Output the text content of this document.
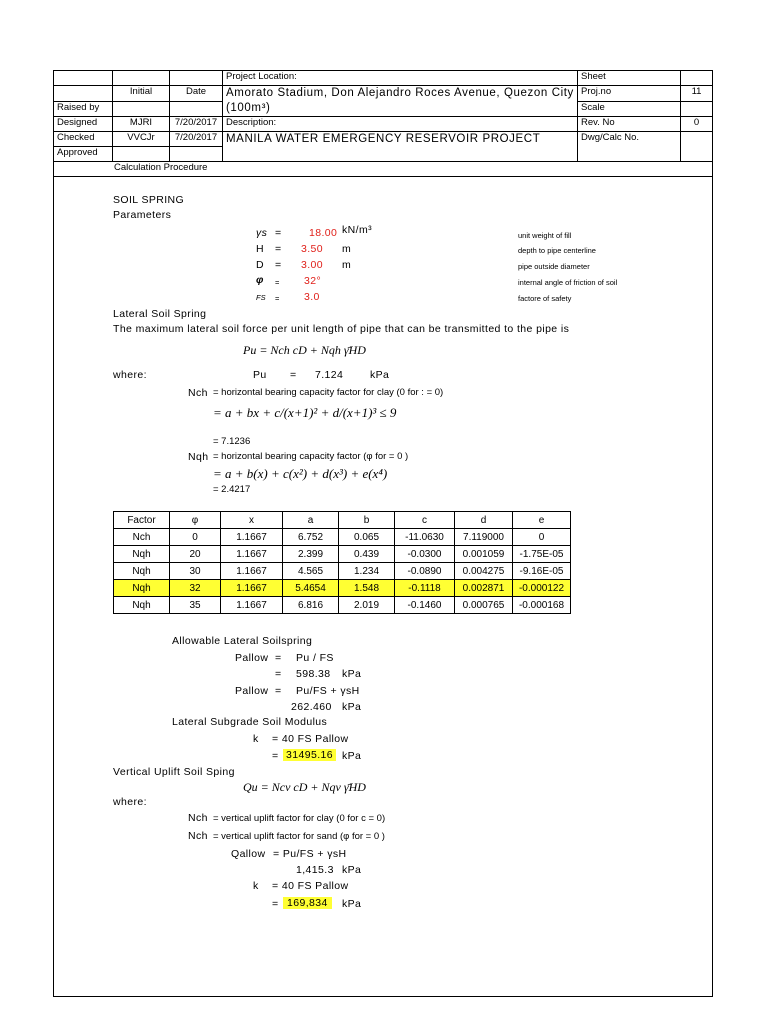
			Project Location:	Sheet	
	Initial	Date	Amorato Stadium, Don Alejandro Roces Avenue, Quezon City
(100m³)	Proj.no	11
Raised by				Scale	
Designed	MJRI	7/20/2017	Description:	Rev. No	0
Checked	VVCJr	7/20/2017	MANILA WATER EMERGENCY RESERVOIR PROJECT	Dwg/Calc No.	
Approved					
Calculation Procedure					
SOIL SPRING
Parameters
γs =	18.00 kN/m³	unit weight of fill
H = 3.50 m	depth to pipe centerline
D = 3.00 m	pipe outside diameter
φ = 32°	internal angle of friction of soil
FS = 3.0	factore of safety
Lateral Soil Spring
The maximum lateral soil force per unit length of pipe that can be transmitted to the pipe is
Pu = Nch cD + Nqh γ̄HD
where:	Pu = 7.124	kPa
Nch = horizontal bearing capacity factor for clay (0 for : = 0)
= a + bx + c/(x+1)² + d/(x+1)³ ≤ 9
= 7.1236
Nqh = horizontal bearing capacity factor (φ for = 0 )
= a + b(x) + c(x²) + d(x³) + e(x⁴)
= 2.4217
Factor	φ	x	a	b	c	d	e
Nch	0	1.1667	6.752	0.065	-11.0630	7.119000	0
Nqh	20	1.1667	2.399	0.439	-0.0300	0.001059	-1.75E-05
Nqh	30	1.1667	4.565	1.234	-0.0890	0.004275	-9.16E-05
Nqh	32	1.1667	5.4654	1.548	-0.1118	0.002871	-0.000122
Nqh	35	1.1667	6.816	2.019	-0.1460	0.000765	-0.000168
Allowable Lateral Soilspring
Pallow = Pu / FS
= 598.38 kPa
Pallow = Pu/FS + γsH
262.460 kPa
Lateral Subgrade Soil Modulus
k = 40 FS Pallow
= 31495.16 kPa
Vertical Uplift Soil Sping
Qu = Ncv cD + Nqv γ̄HD
where:
Nch = vertical uplift factor for clay (0 for c = 0)
Nch = vertical uplift factor for sand (φ for = 0 )
Qallow = Pu/FS + γsH
1,415.3 kPa
k = 40 FS Pallow
= 169,834	kPa
